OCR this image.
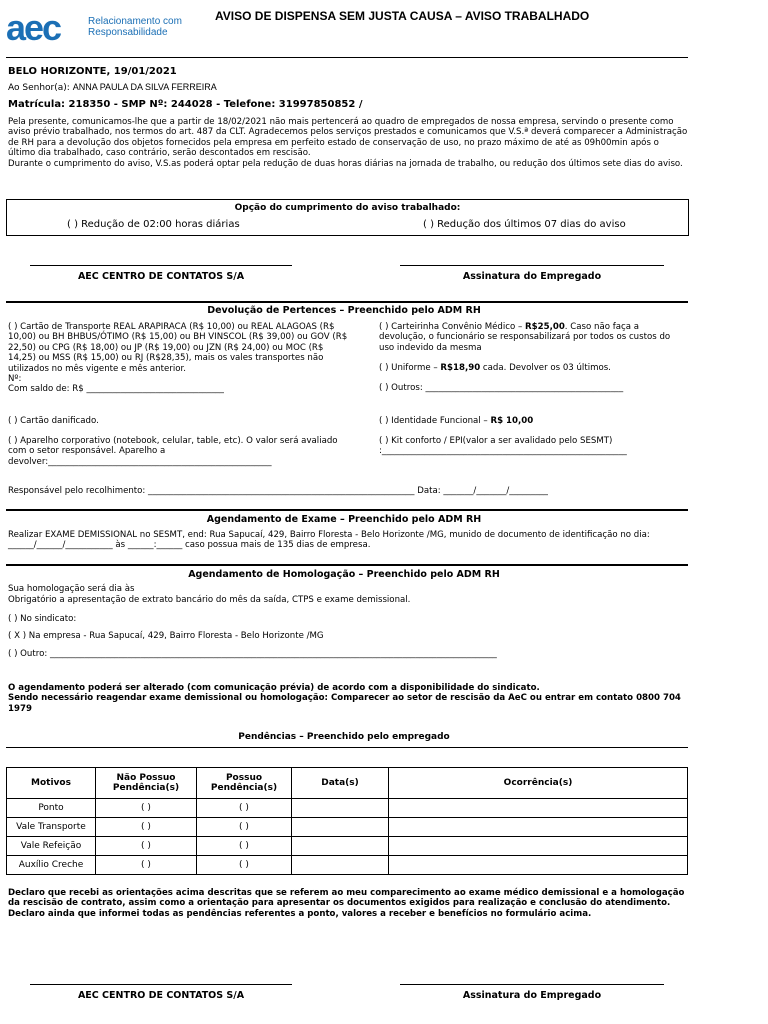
aec	Relacionamento com
Responsabilidade
AVISO DE DISPENSA SEM JUSTA CAUSA – AVISO TRABALHADO
BELO HORIZONTE, 19/01/2021
Ao Senhor(a): ANNA PAULA DA SILVA FERREIRA
Matrícula: 218350 - SMP Nº: 244028 - Telefone: 31997850852 /

Pela presente, comunicamos-lhe que a partir de 18/02/2021 não mais pertencerá ao quadro de empregados de nossa empresa, servindo o presente como aviso prévio trabalhado, nos termos do art. 487 da CLT. Agradecemos pelos serviços prestados e comunicamos que V.S.ª deverá comparecer a Administração de RH para a devolução dos objetos fornecidos pela empresa em perfeito estado de conservação de uso, no prazo máximo de até as 09h00min após o último dia trabalhado, caso contrário, serão descontados em rescisão.

Durante o cumprimento do aviso, V.S.as poderá optar pela redução de duas horas diárias na jornada de trabalho, ou redução dos últimos sete dias do aviso.

Opção do cumprimento do aviso trabalhado:
( ) Redução de 02:00 horas diárias	( ) Redução dos últimos 07 dias do aviso
AEC CENTRO DE CONTATOS S/A	Assinatura do Empregado
Devolução de Pertences – Preenchido pelo ADM RH

( ) Cartão de Transporte REAL ARAPIRACA (R$ 10,00) ou REAL ALAGOAS (R$ 10,00) ou BH BHBUS/ÓTIMO (R$ 15,00) ou BH VINSCOL (R$ 39,00) ou GOV (R$ 22,50) ou CPG (R$ 18,00) ou JP (R$ 19,00) ou JZN (R$ 24,00) ou MOC (R$ 14,25) ou MSS (R$ 15,00) ou RJ (R$28,35), mais os vales transportes não utilizados no mês vigente e mês anterior.

Nº:

Com saldo de: R$ ________________________________

( ) Cartão danificado.
( ) Aparelho corporativo (notebook, celular, table, etc). O valor será avaliado com o setor responsável. Aparelho a devolver:____________________________________________________
( ) Carteirinha Convênio Médico – R$25,00. Caso não faça a devolução, o funcionário se responsabilizará por todos os custos do uso indevido da mesma
( ) Uniforme – R$18,90 cada. Devolver os 03 últimos.
( ) Outros: ______________________________________________
( ) Identidade Funcional – R$ 10,00
( ) Kit conforto / EPI(valor a ser avalidado pelo SESMT) :_________________________________________________________
Responsável pelo recolhimento: ______________________________________________________________ Data: _______/_______/_________
Agendamento de Exame – Preenchido pelo ADM RH
Realizar EXAME DEMISSIONAL no SESMT, end: Rua Sapucaí, 429, Bairro Floresta - Belo Horizonte /MG, munido de documento de identificação no dia: ______/______/___________ às ______:______ caso possua mais de 135 dias de empresa.
Agendamento de Homologação – Preenchido pelo ADM RH

Sua homologação será dia às

Obrigatório a apresentação de extrato bancário do mês da saída, CTPS e exame demissional.

( ) No sindicato:
( X ) Na empresa - Rua Sapucaí, 429, Bairro Floresta - Belo Horizonte /MG
( ) Outro: ________________________________________________________________________________________________________

O agendamento poderá ser alterado (com comunicação prévia) de acordo com a disponibilidade do sindicato.

Sendo necessário reagendar exame demissional ou homologação: Comparecer ao setor de rescisão da AeC ou entrar em contato 0800 704 1979

Pendências – Preenchido pelo empregado
Motivos	Não Possuo Pendência(s)	Possuo Pendência(s)	Data(s)	Ocorrência(s)
Ponto	( )	( )		
Vale Transporte	( )	( )		
Vale Refeição	( )	( )		
Auxílio Creche	( )	( )		
Declaro que recebi as orientações acima descritas que se referem ao meu comparecimento ao exame médico demissional e a homologação da rescisão de contrato, assim como a orientação para apresentar os documentos exigidos para realização e conclusão do atendimento. Declaro ainda que informei todas as pendências referentes a ponto, valores a receber e benefícios no formulário acima.
AEC CENTRO DE CONTATOS S/A	Assinatura do Empregado
